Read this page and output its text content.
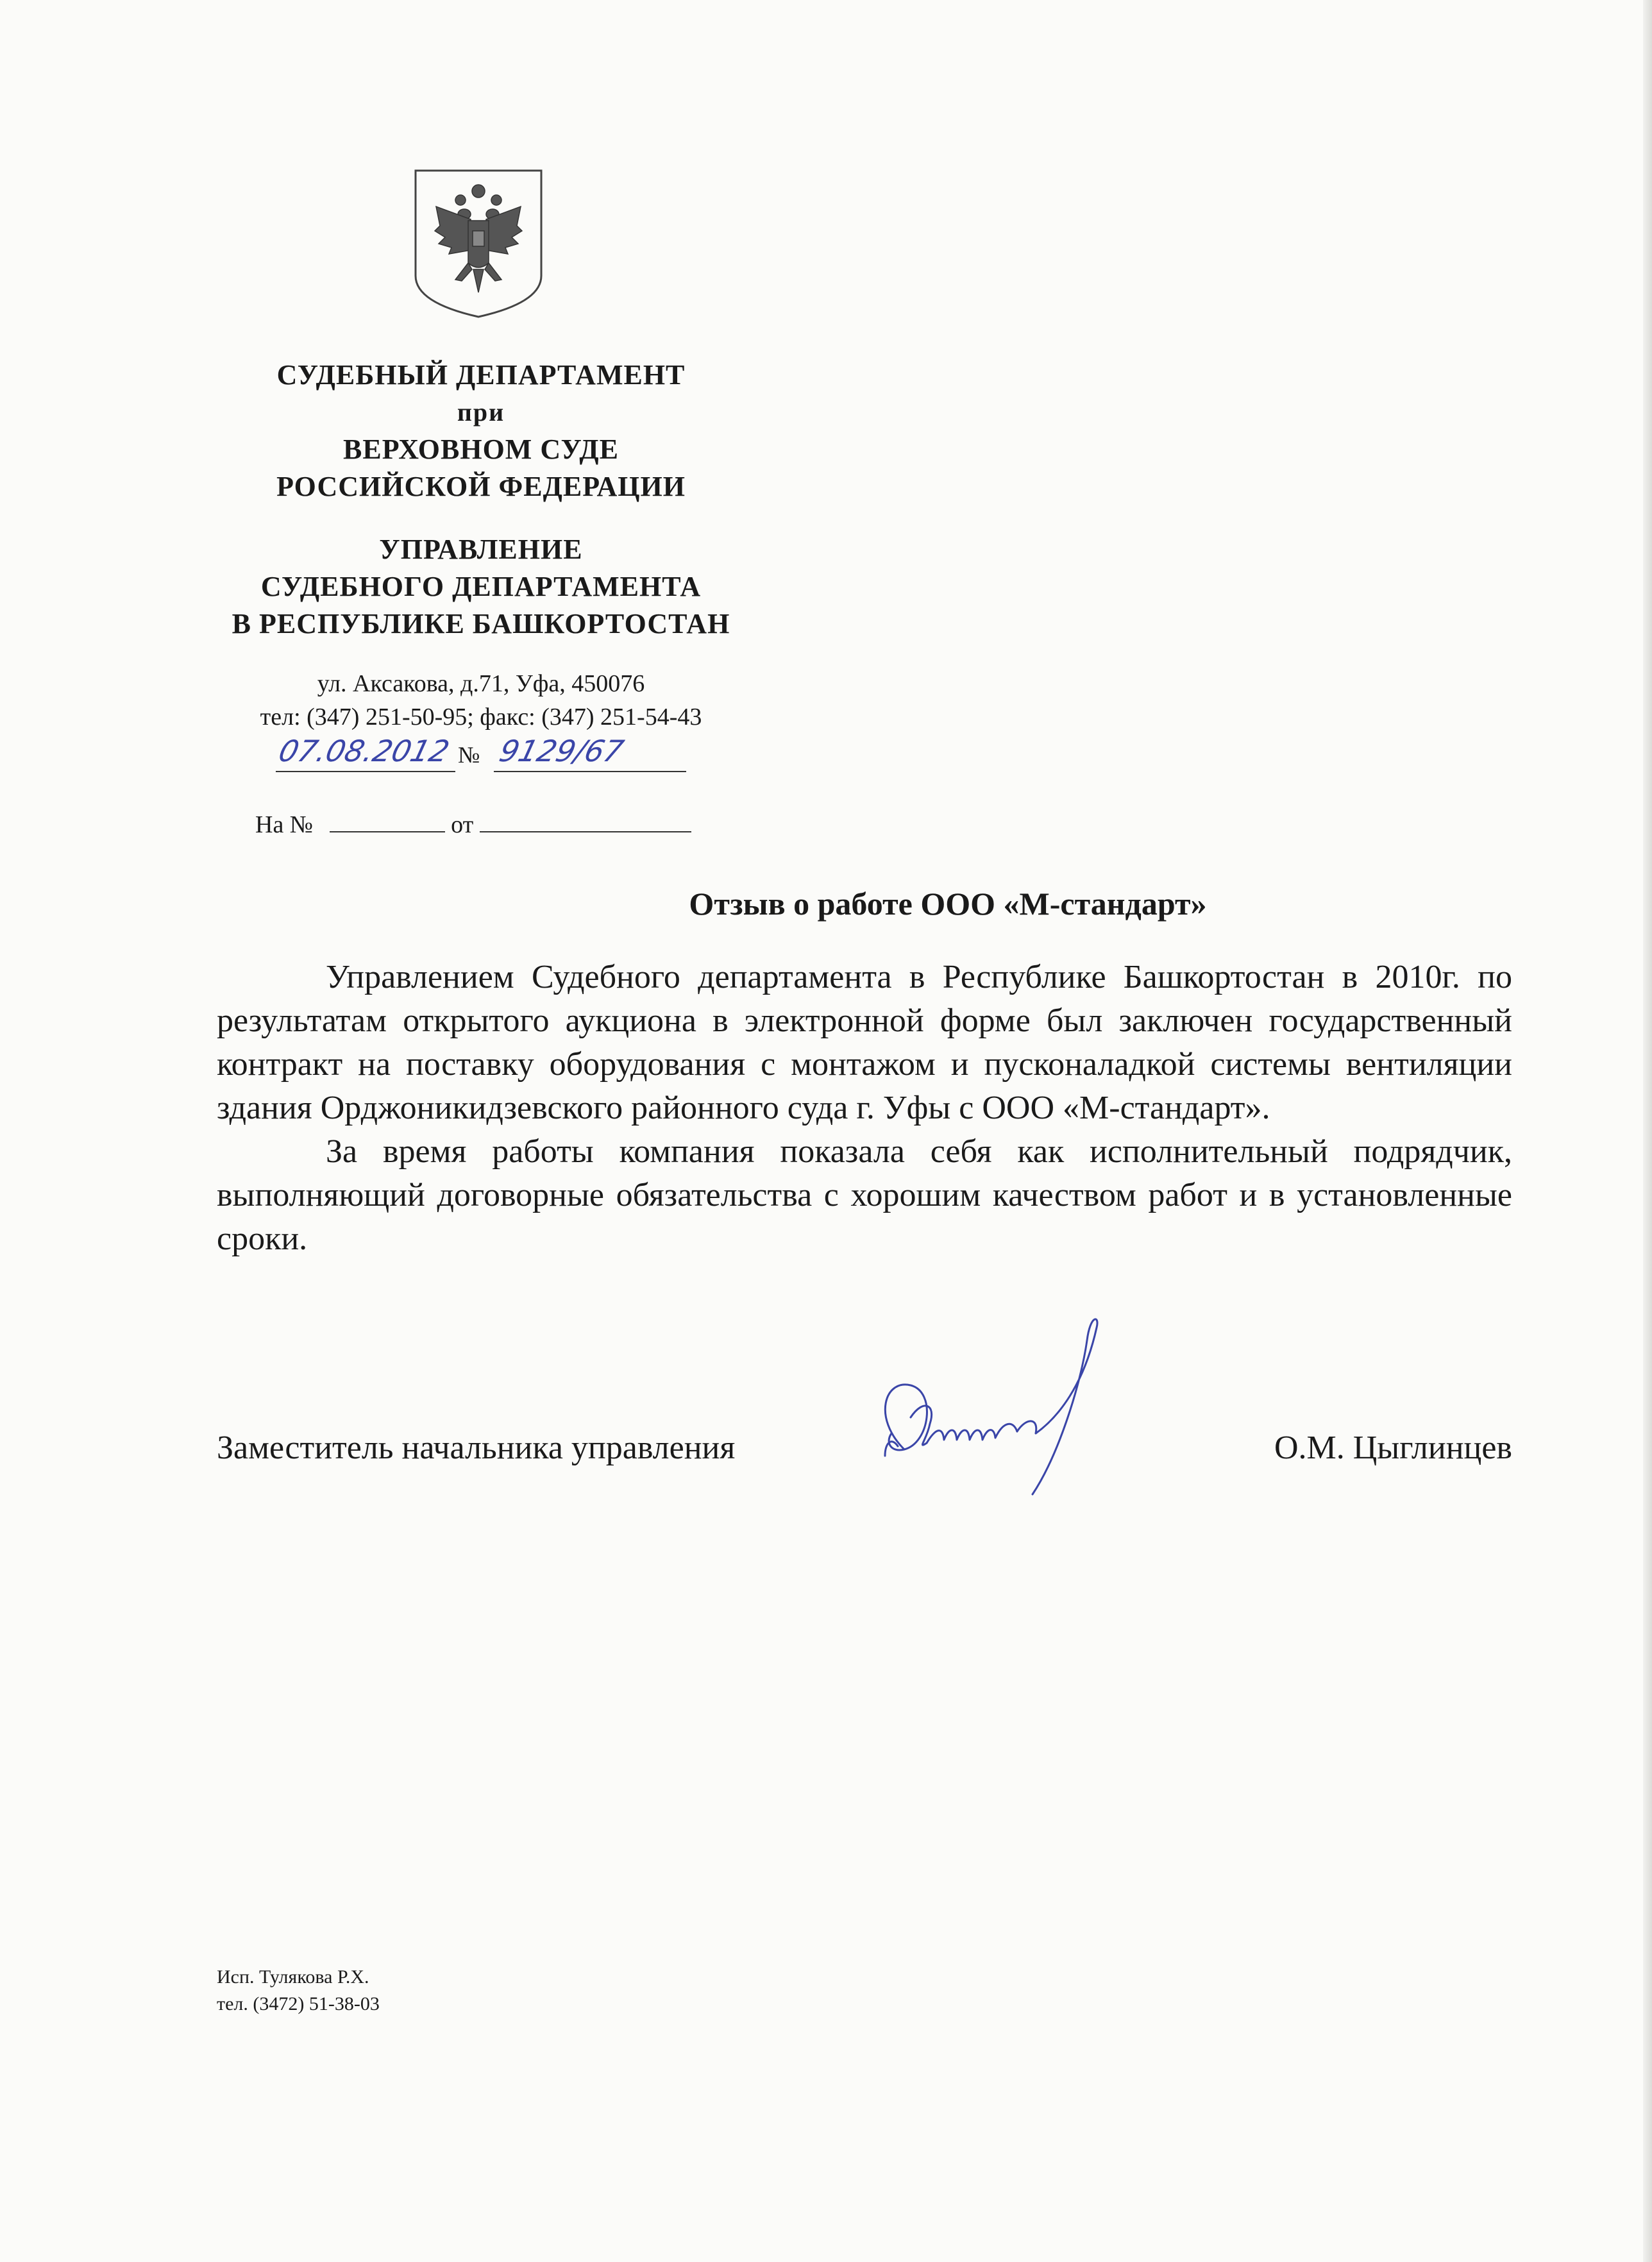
СУДЕБНЫЙ ДЕПАРТАМЕНТ
при
ВЕРХОВНОМ СУДЕ
РОССИЙСКОЙ ФЕДЕРАЦИИ
УПРАВЛЕНИЕ
СУДЕБНОГО ДЕПАРТАМЕНТА
В РЕСПУБЛИКЕ БАШКОРТОСТАН
ул. Аксакова, д.71, Уфа, 450076
тел: (347) 251-50-95; факс: (347) 251-54-43
07.08.2012 № 9129/67
На №	от
Отзыв о работе ООО «М-стандарт»

Управлением Судебного департамента в Республике Башкортостан в 2010г. по результатам открытого аукциона в электронной форме был заключен государственный контракт на поставку оборудования с монтажом и пусконаладкой системы вентиляции здания Орджоникидзевского районного суда г. Уфы с ООО «М-стандарт».

За время работы компания показала себя как исполнительный подрядчик, выполняющий договорные обязательства с хорошим качеством работ и в установленные сроки.

Заместитель начальника управления	О.М. Цыглинцев
Исп. Тулякова Р.Х.
тел. (3472) 51-38-03
